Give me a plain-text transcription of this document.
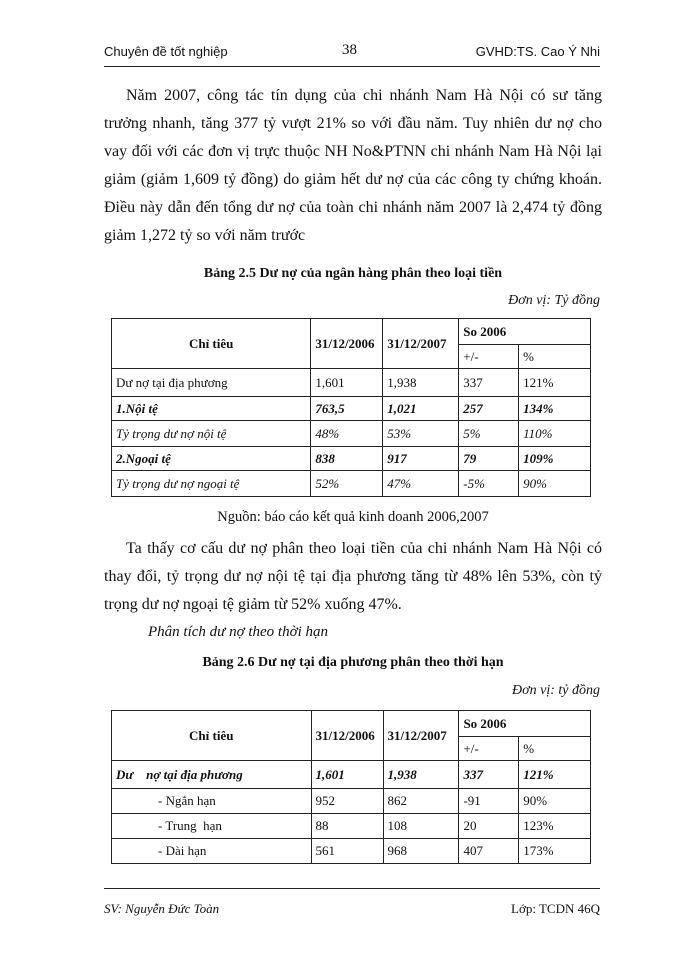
Chuyên đề tốt nghiệp	38	GVHD:TS. Cao Ý Nhi

Năm 2007, công tác tín dụng của chi nhánh Nam Hà Nội có sư tăng trưởng nhanh, tăng 377 tỷ vượt 21% so với đầu năm. Tuy nhiên dư nợ cho vay đối với các đơn vị trực thuộc NH No&PTNN chi nhánh Nam Hà Nội lại giảm (giảm 1,609 tỷ đồng) do giảm hết dư nợ của các công ty chứng khoán. Điều này dẫn đến tổng dư nợ của toàn chi nhánh năm 2007 là 2,474 tỷ đồng giảm 1,272 tỷ so với năm trước

Bảng 2.5 Dư nợ của ngân hàng phân theo loại tiền
Đơn vị: Tỷ đồng
Chỉ tiêu	31/12/2006	31/12/2007	So 2006	
			+/-	%
Dư nợ tại địa phương	1,601	1,938	337	121%
1.Nội tệ	763,5	1,021	257	134%
Tỷ trọng dư nợ nội tệ	48%	53%	5%	110%
2.Ngoại tệ	838	917	79	109%
Tỷ trọng dư nợ ngoại tệ	52%	47%	-5%	90%
Nguồn: báo cáo kết quả kinh doanh 2006,2007

Ta thấy cơ cấu dư nợ phân theo loại tiền của chi nhánh Nam Hà Nội có thay đổi, tỷ trọng dư nợ nội tệ tại địa phương tăng từ 48% lên 53%, còn tỷ trọng dư nợ ngoại tệ giảm từ 52% xuống 47%.

Phân tích dư nợ theo thời hạn
Bảng 2.6 Dư nợ tại địa phương phân theo thời hạn
Đơn vị: tỷ đồng
Chỉ tiêu	31/12/2006	31/12/2007	So 2006	
			+/-	%
Dư    nợ tại địa phương	1,601	1,938	337	121%
- Ngắn hạn	952	862	-91	90%
- Trung  hạn	88	108	20	123%
- Dài hạn	561	968	407	173%
SV: Nguyễn Đức Toàn	Lớp: TCDN 46Q
